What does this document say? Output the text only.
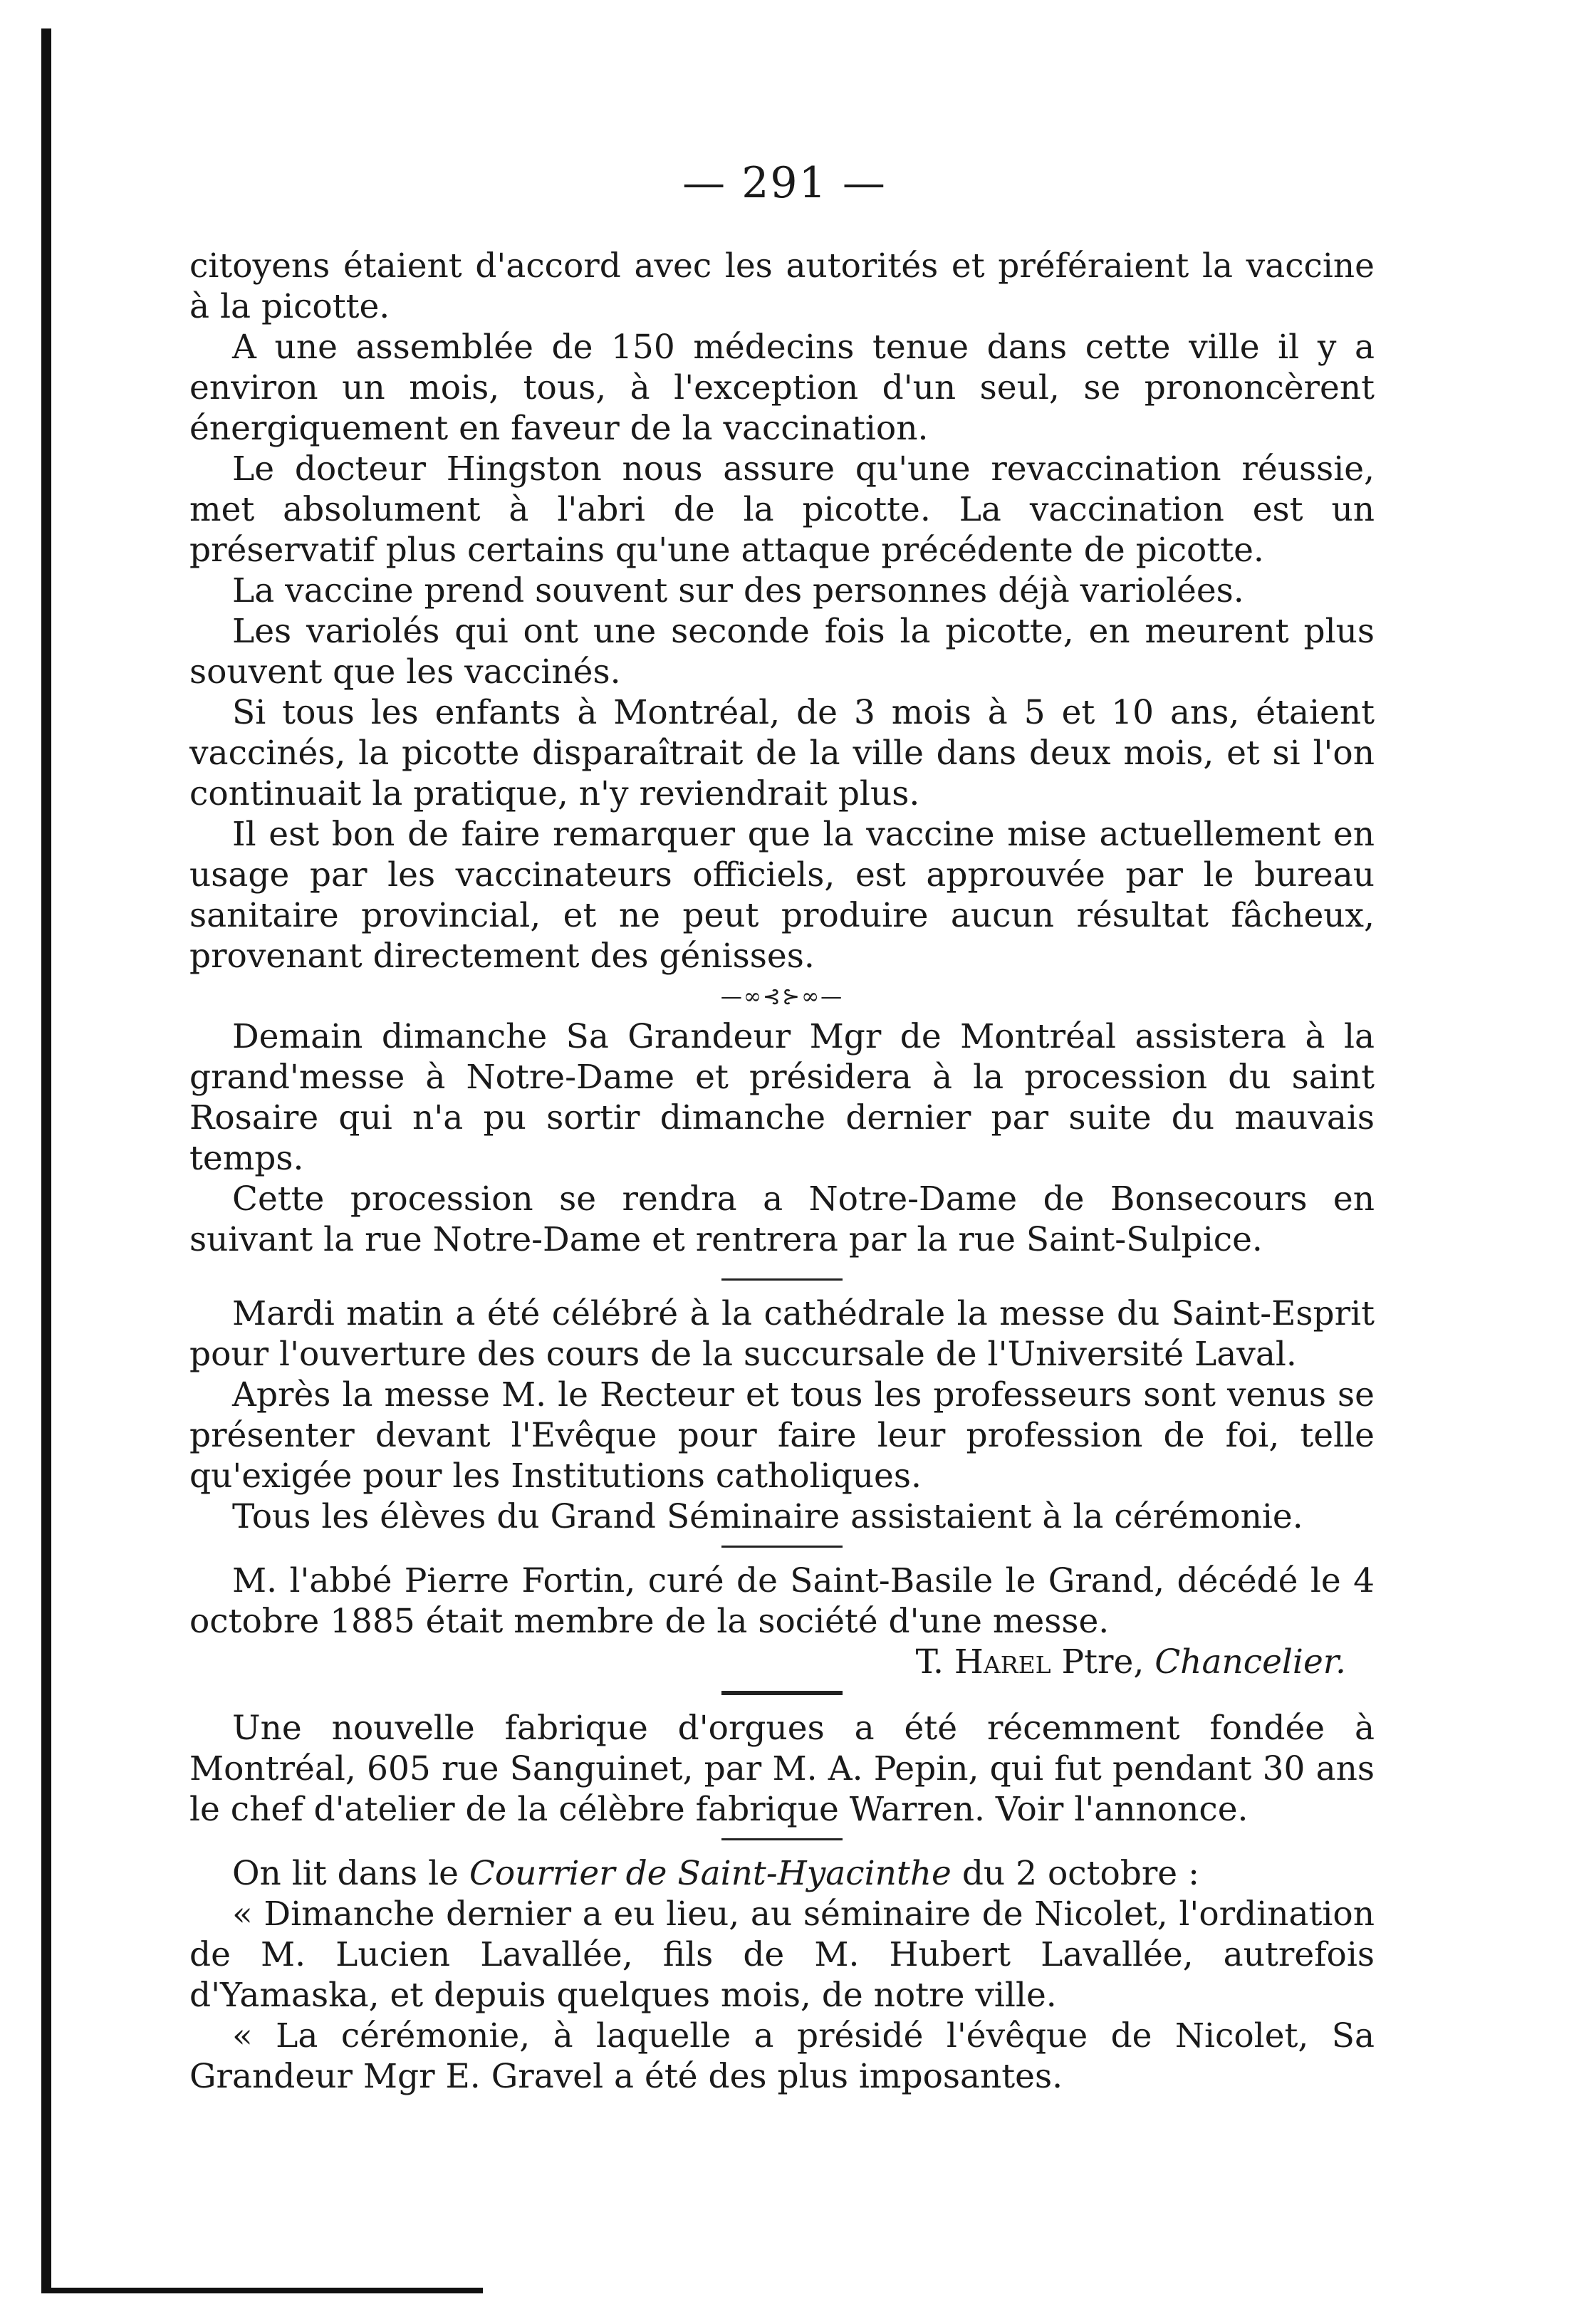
— 291 —

citoyens étaient d'accord avec les autorités et préféraient la vaccine à la picotte.

A une assemblée de 150 médecins tenue dans cette ville il y a environ un mois, tous, à l'exception d'un seul, se prononcèrent énergiquement en faveur de la vaccination.

Le docteur Hingston nous assure qu'une revaccination réussie, met absolument à l'abri de la picotte. La vaccination est un préservatif plus certains qu'une attaque précédente de picotte.

La vaccine prend souvent sur des personnes déjà variolées.

Les variolés qui ont une seconde fois la picotte, en meurent plus souvent que les vaccinés.

Si tous les enfants à Montréal, de 3 mois à 5 et 10 ans, étaient vaccinés, la picotte disparaîtrait de la ville dans deux mois, et si l'on continuait la pratique, n'y reviendrait plus.

Il est bon de faire remarquer que la vaccine mise actuellement en usage par les vaccinateurs officiels, est approuvée par le bureau sanitaire provincial, et ne peut produire aucun résultat fâcheux, provenant directement des génisses.

—∞⊰⊱∞—

Demain dimanche Sa Grandeur Mgr de Montréal assistera à la grand'messe à Notre-Dame et présidera à la procession du saint Rosaire qui n'a pu sortir dimanche dernier par suite du mauvais temps.

Cette procession se rendra a Notre-Dame de Bonsecours en suivant la rue Notre-Dame et rentrera par la rue Saint-Sulpice.

Mardi matin a été célébré à la cathédrale la messe du Saint-Esprit pour l'ouverture des cours de la succursale de l'Université Laval.

Après la messe M. le Recteur et tous les professeurs sont venus se présenter devant l'Evêque pour faire leur profession de foi, telle qu'exigée pour les Institutions catholiques.

Tous les élèves du Grand Séminaire assistaient à la cérémonie.

M. l'abbé Pierre Fortin, curé de Saint-Basile le Grand, décédé le 4 octobre 1885 était membre de la société d'une messe.

T. Harel Ptre, Chancelier.

Une nouvelle fabrique d'orgues a été récemment fondée à Montréal, 605 rue Sanguinet, par M. A. Pepin, qui fut pendant 30 ans le chef d'atelier de la célèbre fabrique Warren. Voir l'annonce.

On lit dans le Courrier de Saint-Hyacinthe du 2 octobre :

« Dimanche dernier a eu lieu, au séminaire de Nicolet, l'ordination de M. Lucien Lavallée, fils de M. Hubert Lavallée, autrefois d'Yamaska, et depuis quelques mois, de notre ville.

« La cérémonie, à laquelle a présidé l'évêque de Nicolet, Sa Grandeur Mgr E. Gravel a été des plus imposantes.
